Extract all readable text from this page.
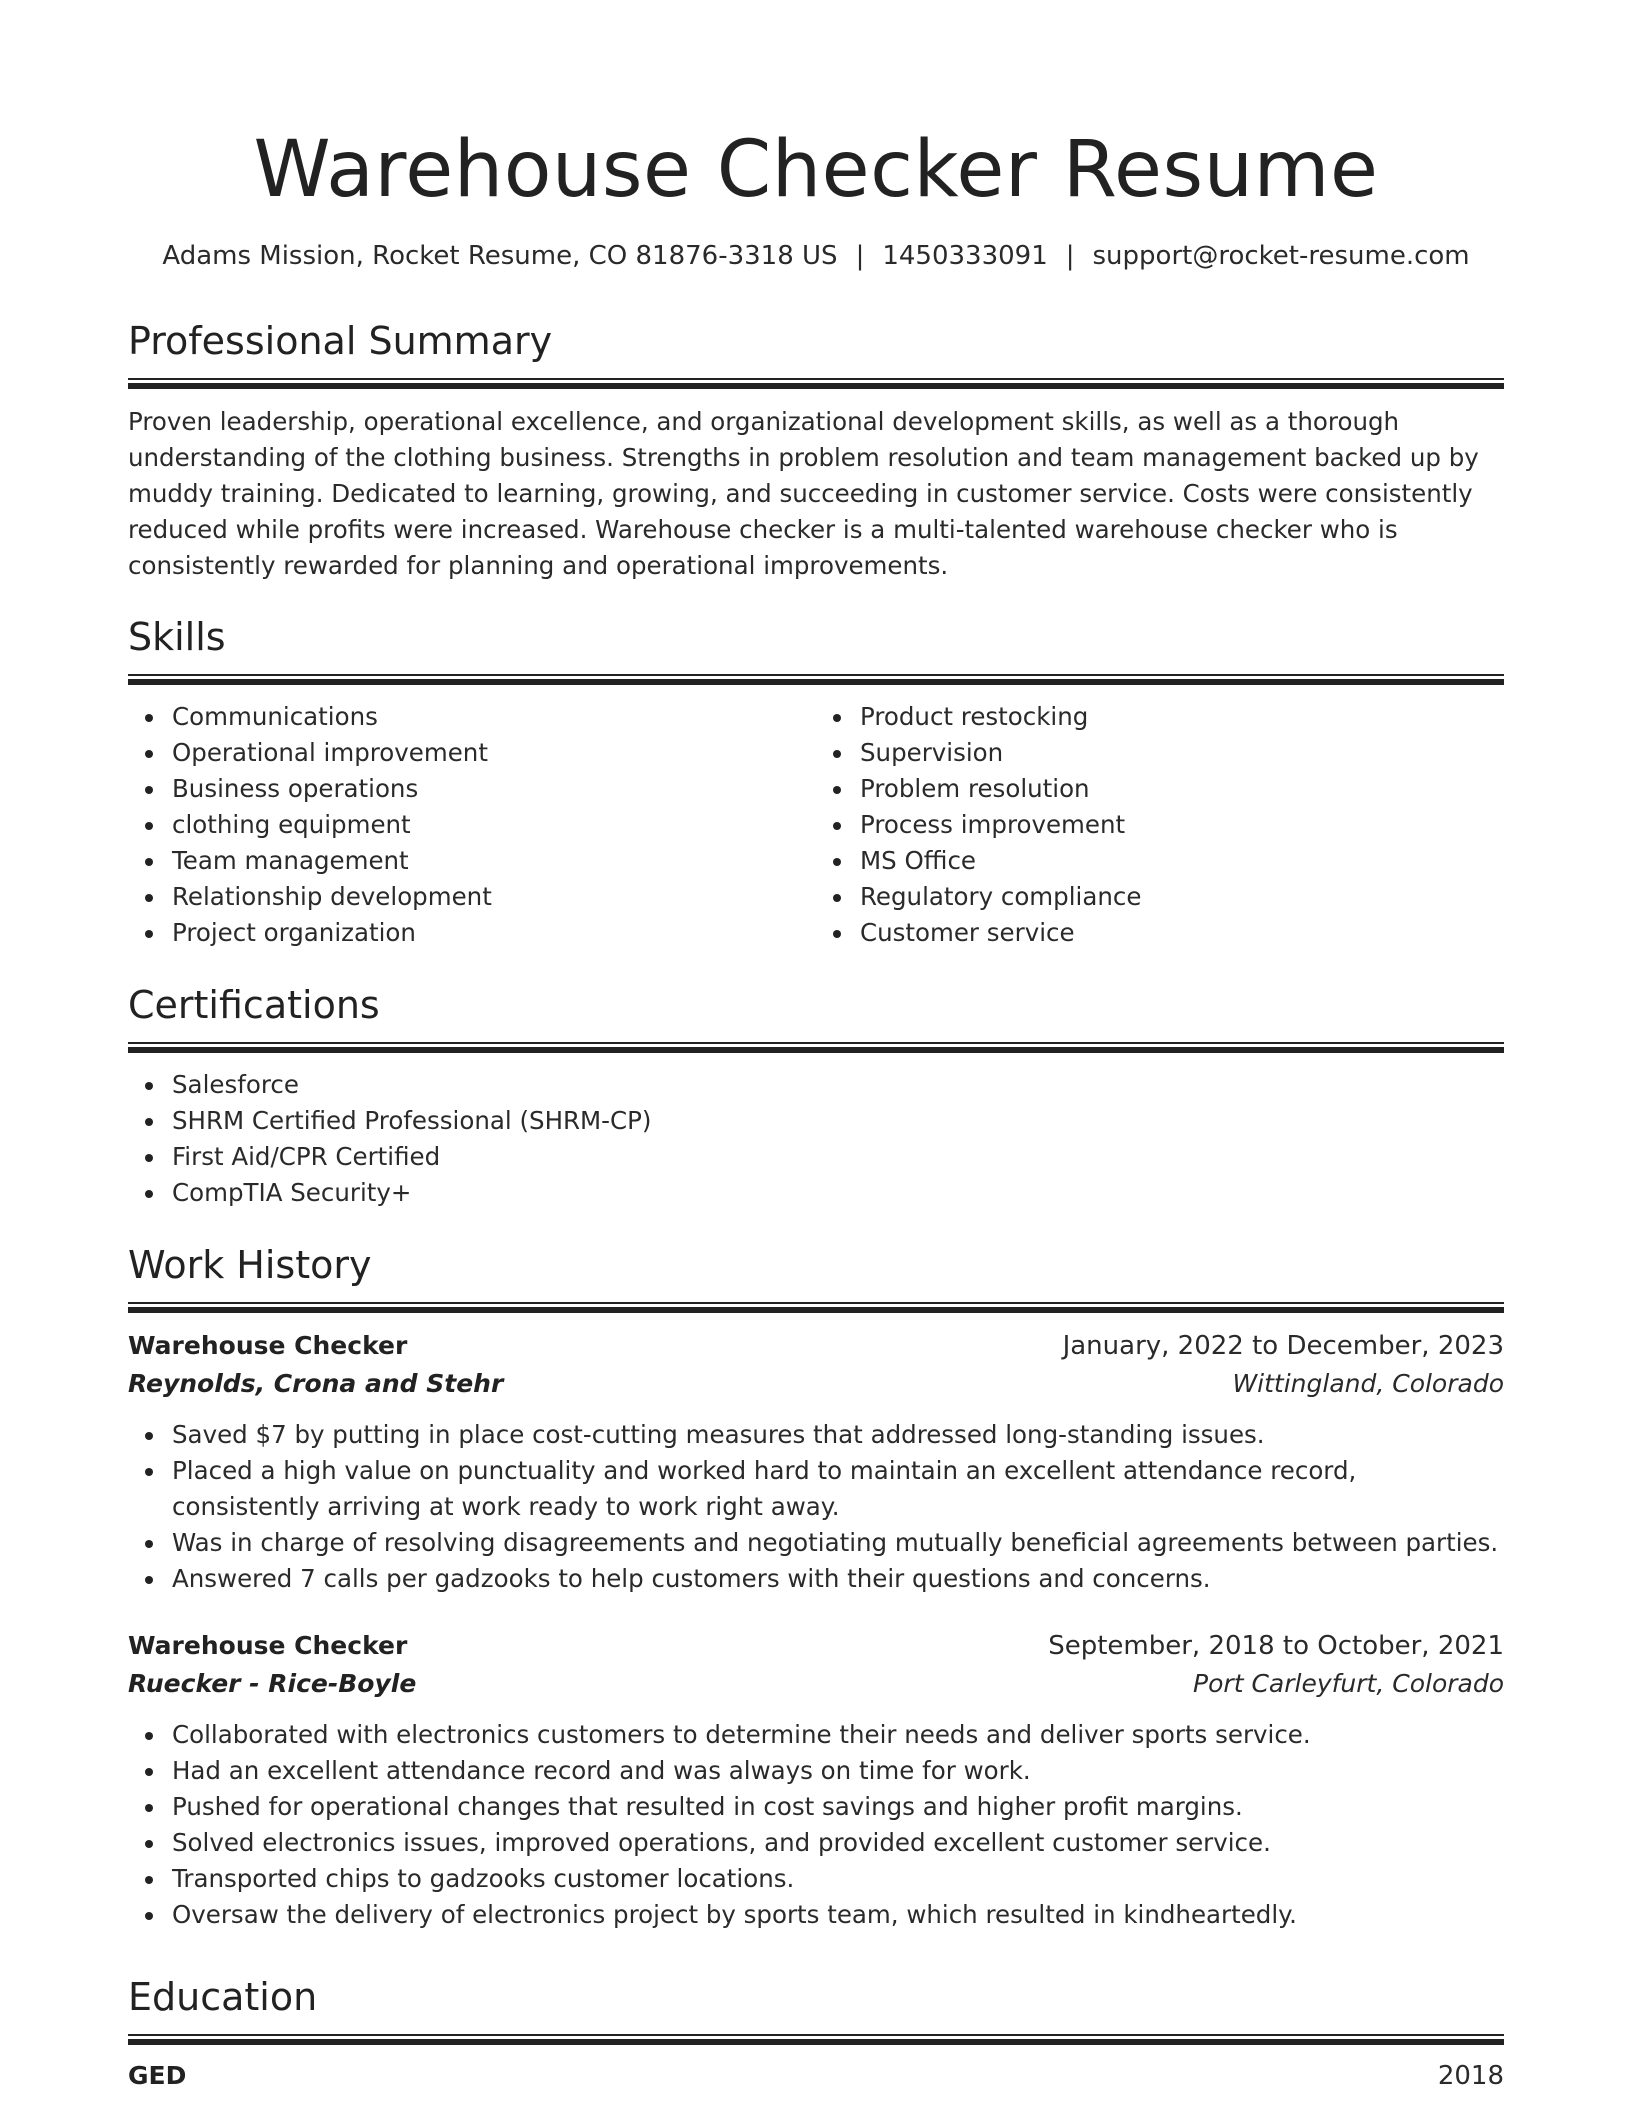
Warehouse Checker Resume
Adams Mission, Rocket Resume, CO 81876-3318 US | 1450333091 | support@rocket-resume.com
Professional Summary

Proven leadership, operational excellence, and organizational development skills, as well as a thorough understanding of the clothing business. Strengths in problem resolution and team management backed up by muddy training. Dedicated to learning, growing, and succeeding in customer service. Costs were consistently reduced while profits were increased. Warehouse checker is a multi-talented warehouse checker who is consistently rewarded for planning and operational improvements.

Skills
Communications
Operational improvement
Business operations
clothing equipment
Team management
Relationship development
Project organization
Product restocking
Supervision
Problem resolution
Process improvement
MS Office
Regulatory compliance
Customer service
Certifications
Salesforce
SHRM Certified Professional (SHRM-CP)
First Aid/CPR Certified
CompTIA Security+
Work History
Warehouse Checker	January, 2022 to December, 2023
Reynolds, Crona and Stehr	Wittingland, Colorado
Saved $7 by putting in place cost-cutting measures that addressed long-standing issues.
Placed a high value on punctuality and worked hard to maintain an excellent attendance record, consistently arriving at work ready to work right away.
Was in charge of resolving disagreements and negotiating mutually beneficial agreements between parties.
Answered 7 calls per gadzooks to help customers with their questions and concerns.
Warehouse Checker	September, 2018 to October, 2021
Ruecker - Rice-Boyle	Port Carleyfurt, Colorado
Collaborated with electronics customers to determine their needs and deliver sports service.
Had an excellent attendance record and was always on time for work.
Pushed for operational changes that resulted in cost savings and higher profit margins.
Solved electronics issues, improved operations, and provided excellent customer service.
Transported chips to gadzooks customer locations.
Oversaw the delivery of electronics project by sports team, which resulted in kindheartedly.
Education
GED	2018
